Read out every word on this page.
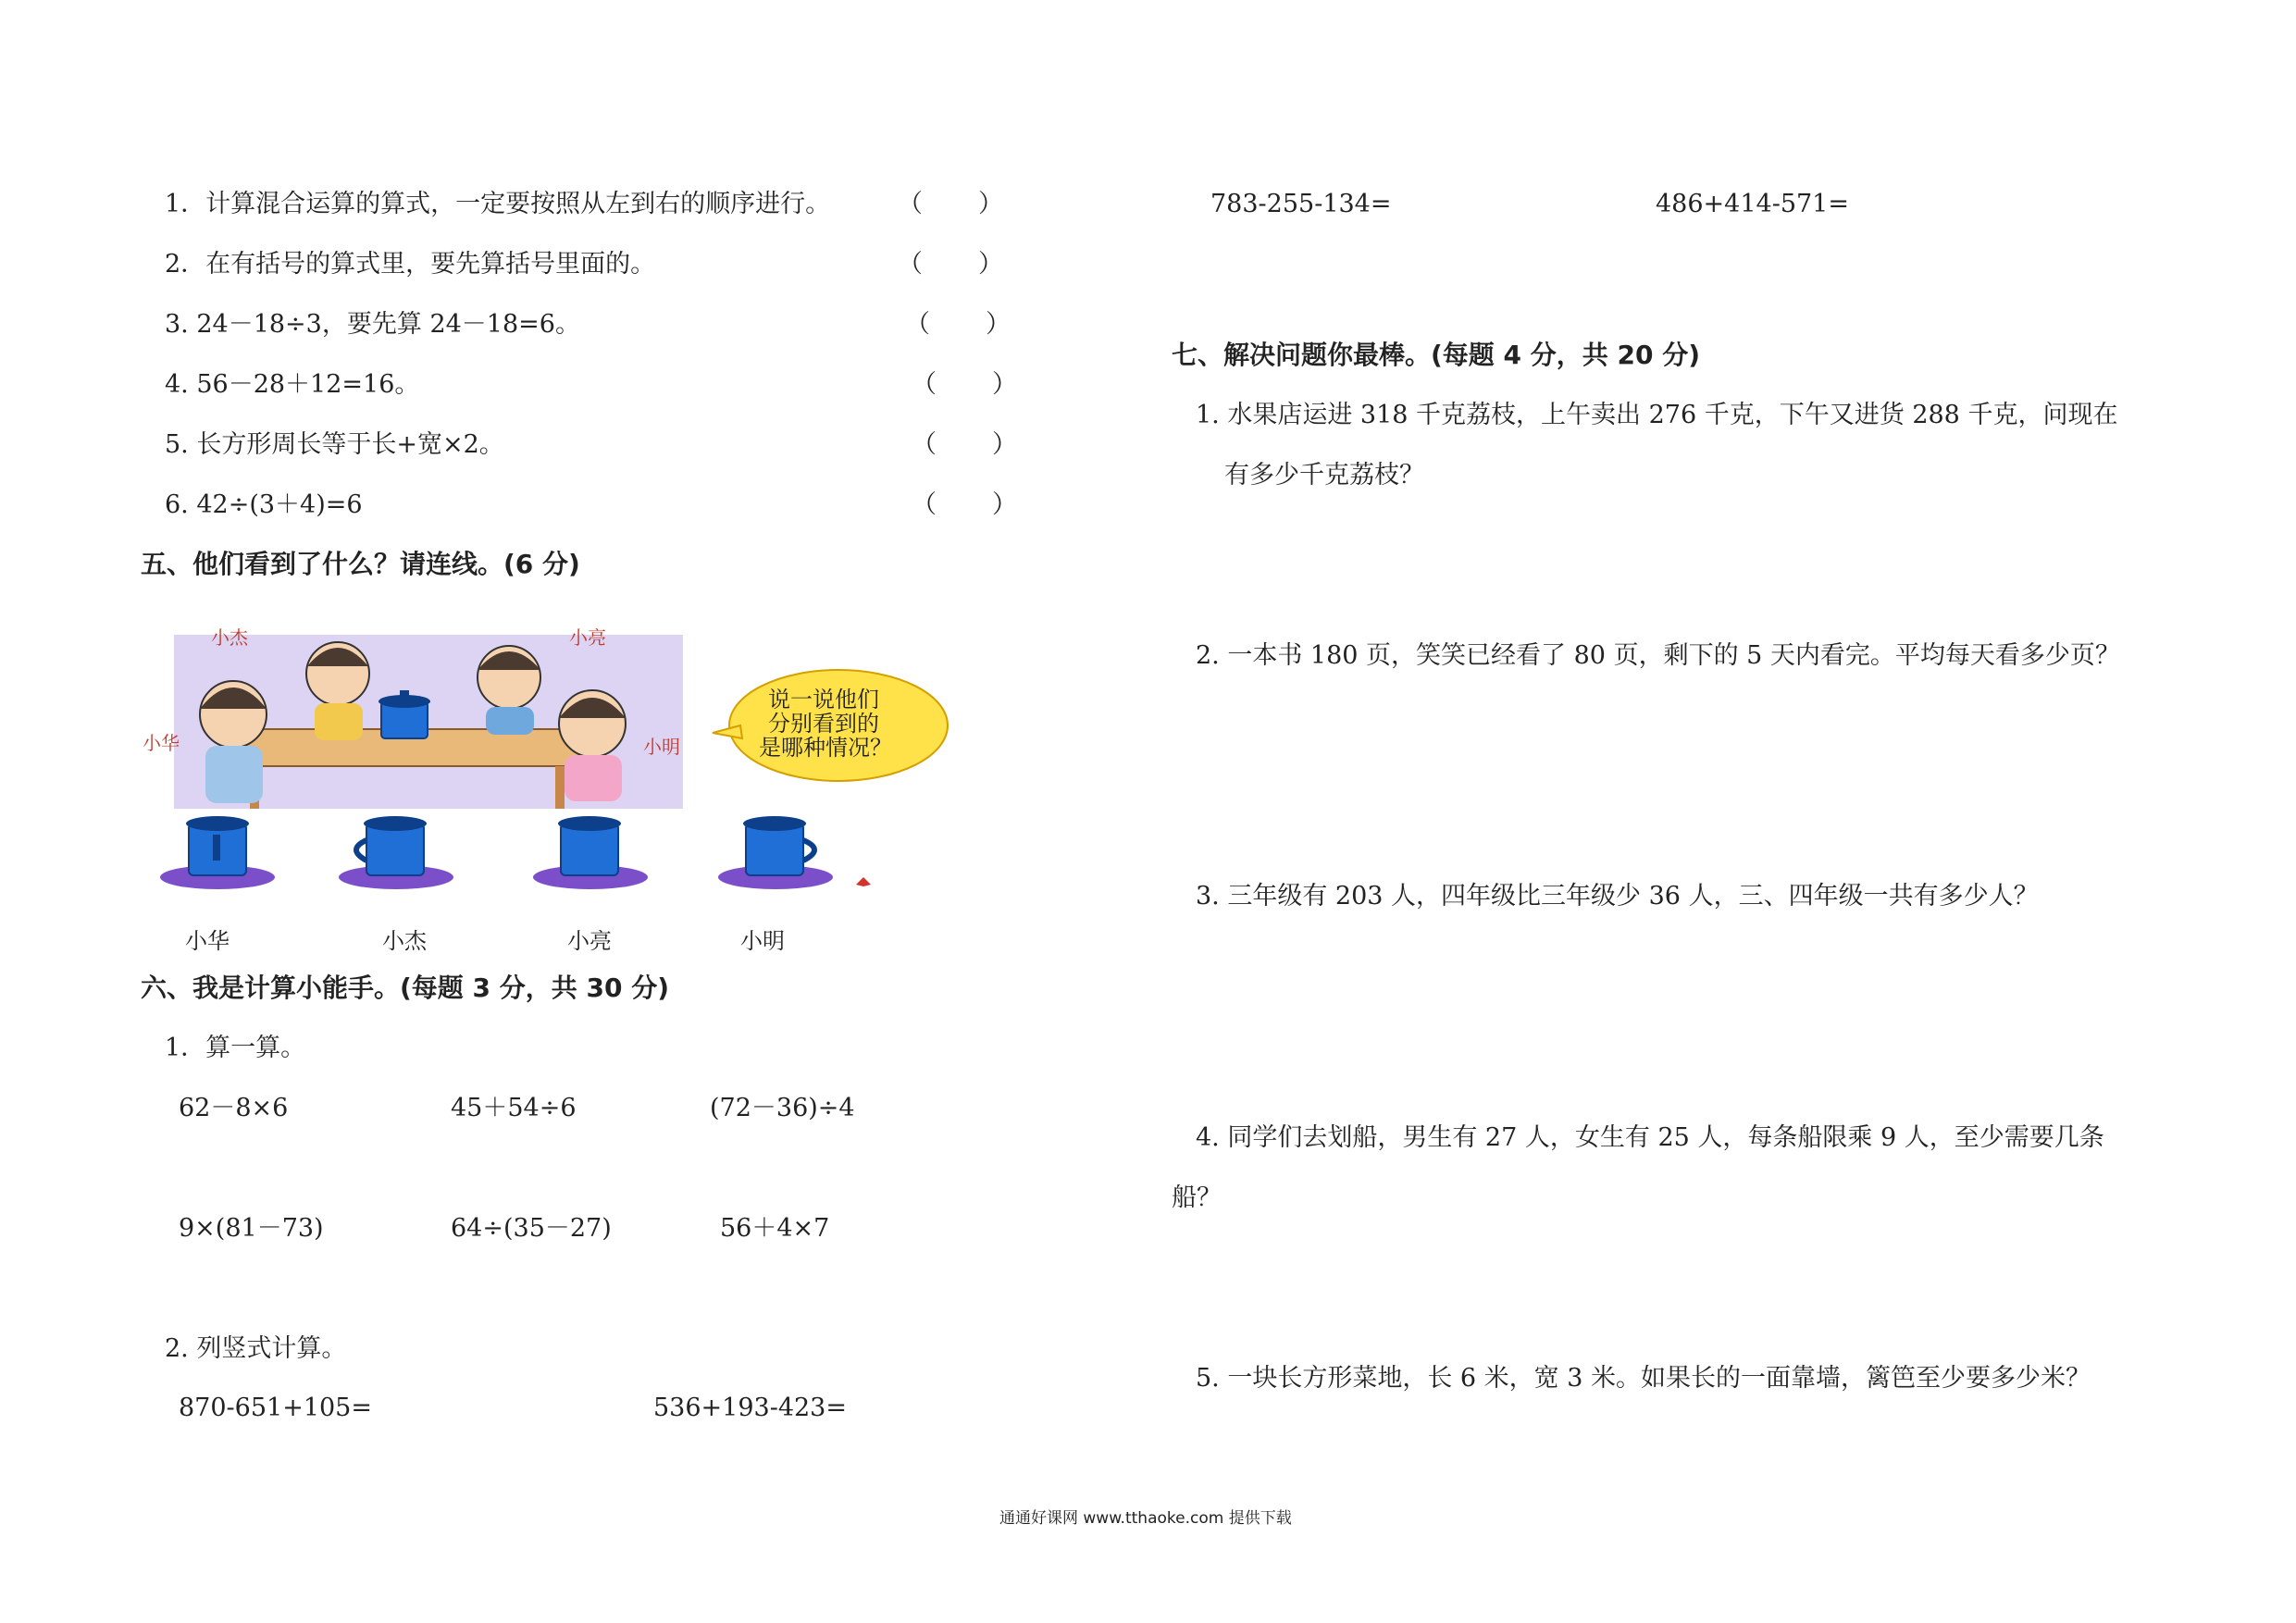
1．计算混合运算的算式，一定要按照从左到右的顺序进行。	（　　）
2．在有括号的算式里，要先算括号里面的。	（　　）
3. 24－18÷3，要先算 24－18=6。	（　　）
4. 56－28＋12=16。	（　　）
5. 长方形周长等于长+宽×2。	（　　）
6. 42÷(3＋4)=6	（　　）
五、他们看到了什么？请连线。(6 分)
小杰	小亮
小华	小明
说一说他们
分别看到的
是哪种情况？
小华	小杰	小亮	小明
六、我是计算小能手。(每题 3 分，共 30 分)
1．算一算。
62－8×6	45＋54÷6	(72－36)÷4
9×(81－73)	64÷(35－27)	56＋4×7
2. 列竖式计算。
870-651+105=	536+193-423=
783-255-134=	486+414-571=
七、解决问题你最棒。(每题 4 分，共 20 分)
1. 水果店运进 318 千克荔枝，上午卖出 276 千克，下午又进货 288 千克，问现在
有多少千克荔枝？
2. 一本书 180 页，笑笑已经看了 80 页，剩下的 5 天内看完。平均每天看多少页？
3. 三年级有 203 人，四年级比三年级少 36 人，三、四年级一共有多少人？
4. 同学们去划船，男生有 27 人，女生有 25 人，每条船限乘 9 人，至少需要几条
船？
5. 一块长方形菜地，长 6 米，宽 3 米。如果长的一面靠墙，篱笆至少要多少米？
通通好课网 www.tthaoke.com 提供下载
